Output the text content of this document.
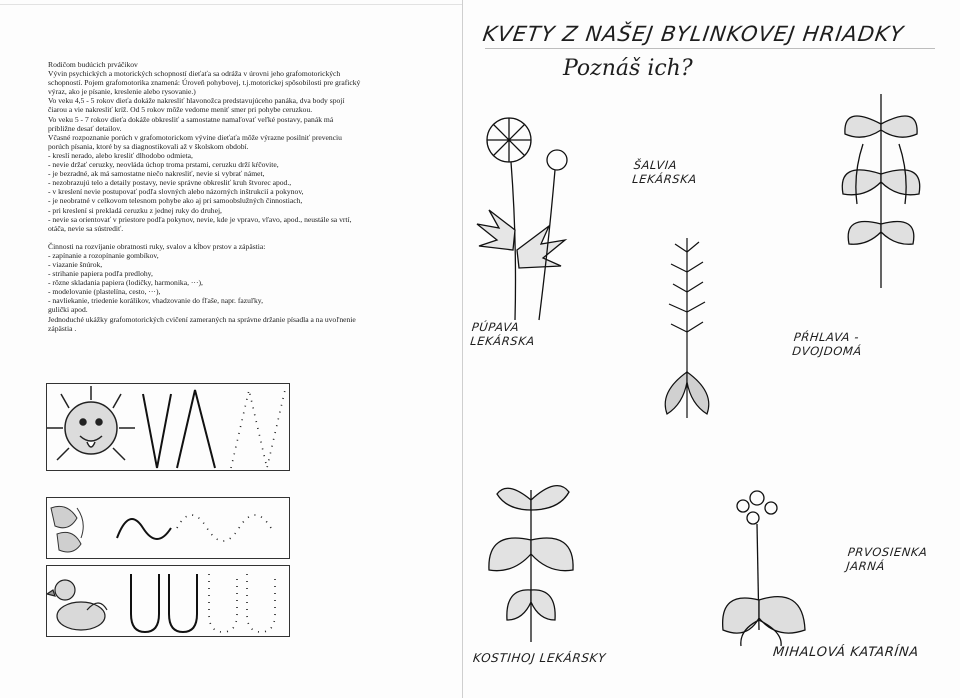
Rodičom budúcich prváčikov

Vývin psychických a motorických schopností dieťaťa sa odráža v úrovni jeho grafomotorických

schopností. Pojem grafomotorika znamená: Úroveň pohybovej, t.j.motorickej spôsobilosti pre grafický

výraz, ako je písanie, kreslenie alebo rysovanie.)

Vo veku 4,5 - 5 rokov dieťa dokáže nakresliť hlavonožca predstavujúceho panáka, dva body spojí

čiarou a vie nakresliť kríž. Od 5 rokov môže vedome meniť smer pri pohybe ceruzkou.

Vo veku 5 - 7 rokov dieťa dokáže obkresliť a samostatne namaľovať veľké postavy, panák má

približne desať detailov.

Včasné rozpoznanie porúch v grafomotorickom vývine dieťaťa môže výrazne posilniť prevenciu

porúch písania, ktoré by sa diagnostikovali až v školskom období.

- kreslí nerado, alebo kresliť dlhodobo odmieta,

- nevie držať ceruzky, neovláda úchop troma prstami, ceruzku drží kŕčovite,

- je bezradné, ak má samostatne niečo nakresliť, nevie si vybrať námet,

- nezobrazujú telo a detaily postavy, nevie správne obkresliť kruh štvorec apod.,

- v kreslení nevie postupovať podľa slovných alebo názorných inštrukcií a pokynov,

- je neobratné v celkovom telesnom pohybe ako aj pri samoobslužných činnostiach,

- pri kreslení si prekladá ceruzku z jednej ruky do druhej,

- nevie sa orientovať v priestore podľa pokynov, nevie, kde je vpravo, vľavo, apod., neustále sa vrtí,

otáča, nevie sa sústrediť.

Činnosti na rozvíjanie obratnosti ruky, svalov a kĺbov prstov a zápästia:

- zapínanie a rozopínanie gombíkov,

- viazanie šnúrok,

- strihanie papiera podľa predlohy,

- rôzne skladania papiera (lodičky, harmonika, ···),

- modelovanie (plastelína, cesto, ···),

- navliekanie, triedenie korálikov, vhadzovanie do fľaše, napr. fazuľky,

gulički apod.

Jednoduché ukážky grafomotorických cvičení zameraných na správne držanie písadla a na uvoľnenie

zápästia .

KVETY Z NAŠEJ BYLINKOVEJ HRIADKY
Poznáš ich?
ŠALVIA
LEKÁRSKA
PŔHLAVA -
DVOJDOMÁ
PÚPAVA
LEKÁRSKA
PRVOSIENKA
JARNÁ
KOSTIHOJ LEKÁRSKY	MIHALOVÁ KATARÍNA
